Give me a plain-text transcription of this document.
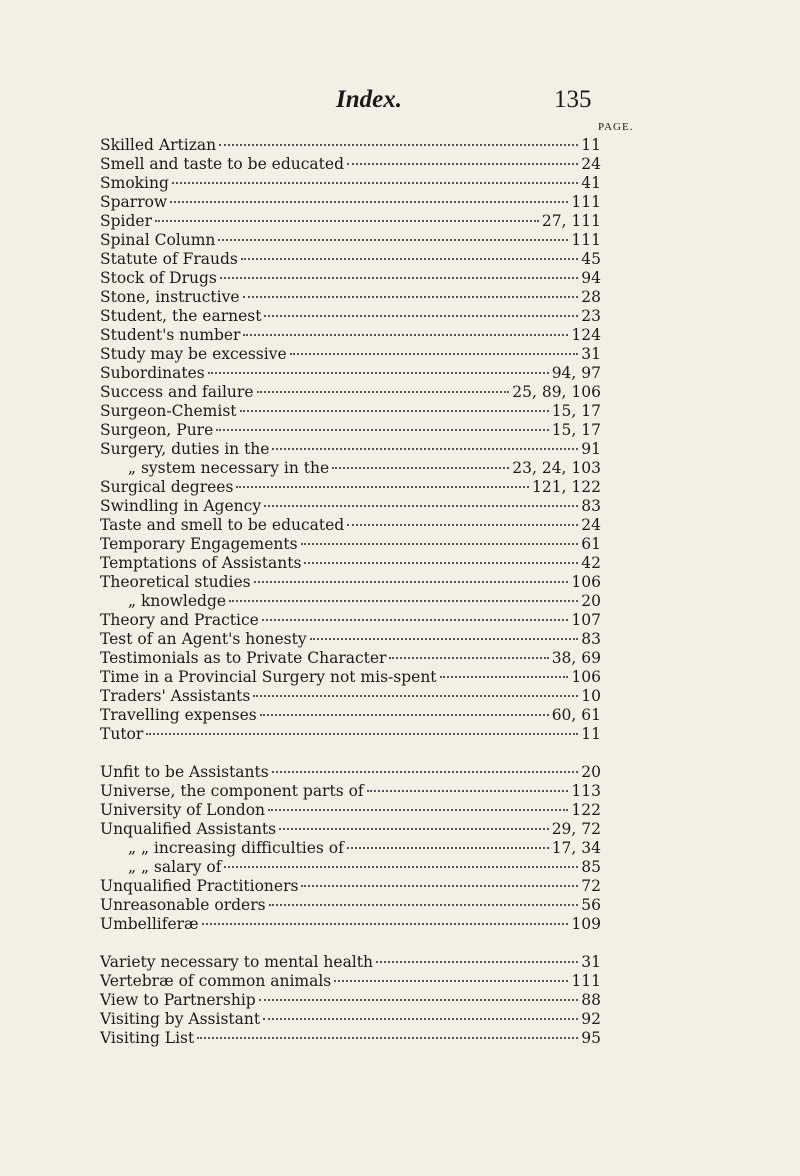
Index.	135
PAGE.
Skilled Artizan	11
Smell and taste to be educated	24
Smoking	41
Sparrow	111
Spider	27, 111
Spinal Column	111
Statute of Frauds	45
Stock of Drugs	94
Stone, instructive	28
Student, the earnest	23
Student's number	124
Study may be excessive	31
Subordinates	94, 97
Success and failure	25, 89, 106
Surgeon-Chemist	15, 17
Surgeon, Pure	15, 17
Surgery, duties in the	91
„ system necessary in the	23, 24, 103
Surgical degrees	121, 122
Swindling in Agency	83
Taste and smell to be educated	24
Temporary Engagements	61
Temptations of Assistants	42
Theoretical studies	106
„ knowledge	20
Theory and Practice	107
Test of an Agent's honesty	83
Testimonials as to Private Character	38, 69
Time in a Provincial Surgery not mis-spent	106
Traders' Assistants	10
Travelling expenses	60, 61
Tutor	11
Unfit to be Assistants	20
Universe, the component parts of	113
University of London	122
Unqualified Assistants	29, 72
„ „ increasing difficulties of	17, 34
„ „ salary of	85
Unqualified Practitioners	72
Unreasonable orders	56
Umbelliferæ	109
Variety necessary to mental health	31
Vertebræ of common animals	111
View to Partnership	88
Visiting by Assistant	92
Visiting List	95
